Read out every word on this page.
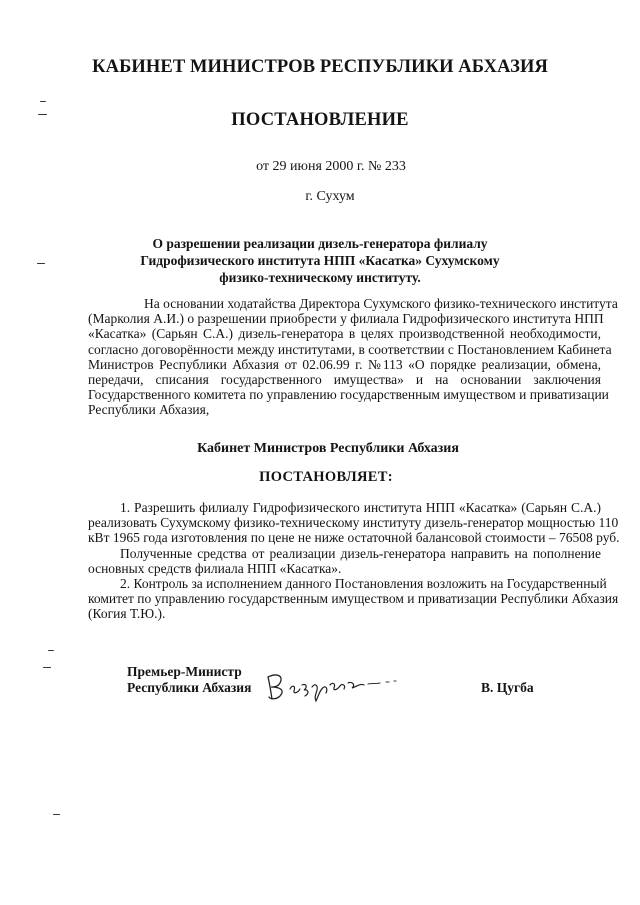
КАБИНЕТ МИНИСТРОВ РЕСПУБЛИКИ АБХАЗИЯ
ПОСТАНОВЛЕНИЕ
от 29 июня 2000 г. № 233
г. Сухум
О разрешении реализации дизель-генератора филиалу
Гидрофизического института НПП «Касатка» Сухумскому
физико-техническому институту.
На основании ходатайства Директора Сухумского физико-технического института
(Марколия А.И.) о разрешении приобрести у филиала Гидрофизического института НПП
«Касатка» (Сарьян С.А.) дизель-генератора в целях производственной необходимости,
согласно договорённости между институтами, в соответствии с Постановлением Кабинета
Министров Республики Абхазия от 02.06.99 г. №113 «О порядке реализации, обмена,
передачи, списания государственного имущества» и на основании заключения
Государственного комитета по управлению государственным имуществом и приватизации
Республики Абхазия,
Кабинет Министров Республики Абхазия
ПОСТАНОВЛЯЕТ:
1. Разрешить филиалу Гидрофизического института НПП «Касатка» (Сарьян С.А.)
реализовать Сухумскому физико-техническому институту дизель-генератор мощностью 110
кВт 1965 года изготовления по цене не ниже остаточной балансовой стоимости – 76508 руб.
Полученные средства от реализации дизель-генератора направить на пополнение
основных средств филиала НПП «Касатка».
2. Контроль за исполнением данного Постановления возложить на Государственный
комитет по управлению государственным имуществом и приватизации Республики Абхазия
(Когия Т.Ю.).
Премьер-Министр
Республики Абхазия	В. Цугба
